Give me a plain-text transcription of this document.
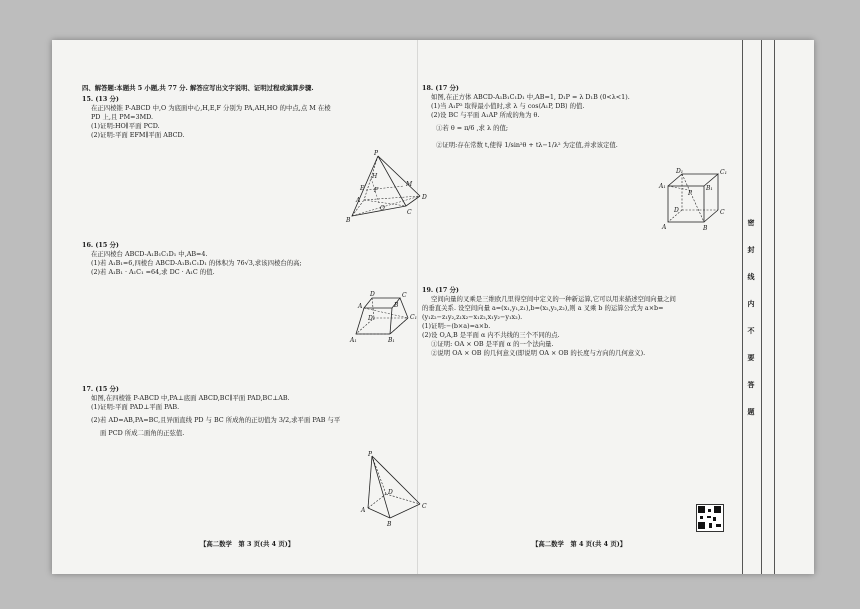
四、解答题:本题共 5 小题,共 77 分. 解答应写出文字说明、证明过程或演算步骤.
15. (13 分)
在正四棱锥 P-ABCD 中,O 为底面中心,H,E,F 分别为 PA,AH,HO 的中点,点 M 在棱
PD 上,且 PM=3MD.
(1)证明:HO∥平面 PCD.
(2)证明:平面 EFM∥平面 ABCD.
P
H
E F
M
A
O
D
B
C
16. (15 分)
在正四棱台 ABCD-A₁B₁C₁D₁ 中,AB=4.
(1)若 A₁B₁=6,四棱台 ABCD-A₁B₁C₁D₁ 的体积为 76√3,求该四棱台的高;
(2)若 A₁B₁ · A₁C₁ =64,求 DC · A₁C 的值.
D	C
A	B
D₁	C₁
A₁	B₁
17. (15 分)
如图,在四棱锥 P-ABCD 中,PA⊥底面 ABCD,BC∥平面 PAD,BC⊥AB.
(1)证明:平面 PAD⊥平面 PAB.
(2)若 AD=AB,PA=BC,且异面直线 PD 与 BC 所成角的正切值为 3/2,求平面 PAB 与平
面 PCD 所成二面角的正弦值.
P
D
A
C
B
【高二数学　第 3 页(共 4 页)】
18. (17 分)
如图,在正方体 ABCD-A₁B₁C₁D₁ 中,AB=1, D₁P = λ D₁B (0<λ<1).
(1)当 A₁P² 取得最小值时,求 λ 与 cos⟨A₁P, DB⟩ 的值.
(2)设 BC 与平面 A₁AP 所成的角为 θ.
①若 θ = π/6 ,求 λ 的值;
②证明:存在常数 t,使得 1/sin²θ + tλ−1/λ² 为定值,并求该定值.
D₁	C₁
A₁	B₁
P
D	C
A	B
19. (17 分)
空间向量的叉乘是三维欧几里得空间中定义的一种新运算,它可以用来描述空间向量之间
的垂直关系. 设空间向量 a=(x₁,y₁,z₁),b=(x₂,y₂,z₂),则 a 叉乘 b 的运算公式为 a×b=
(y₁z₂−z₁y₂,z₁x₂−x₁z₂,x₁y₂−y₁x₂).
(1)证明:−(b×a)=a×b.
(2)设 O,A,B 是平面 α 内不共线的三个不同的点.
①证明: OA × OB 是平面 α 的一个法向量.
②说明 OA × OB 的几何意义(即说明 OA × OB 的长度与方向的几何意义).
【高二数学　第 4 页(共 4 页)】
密
封
线
内
不
要
答
题
